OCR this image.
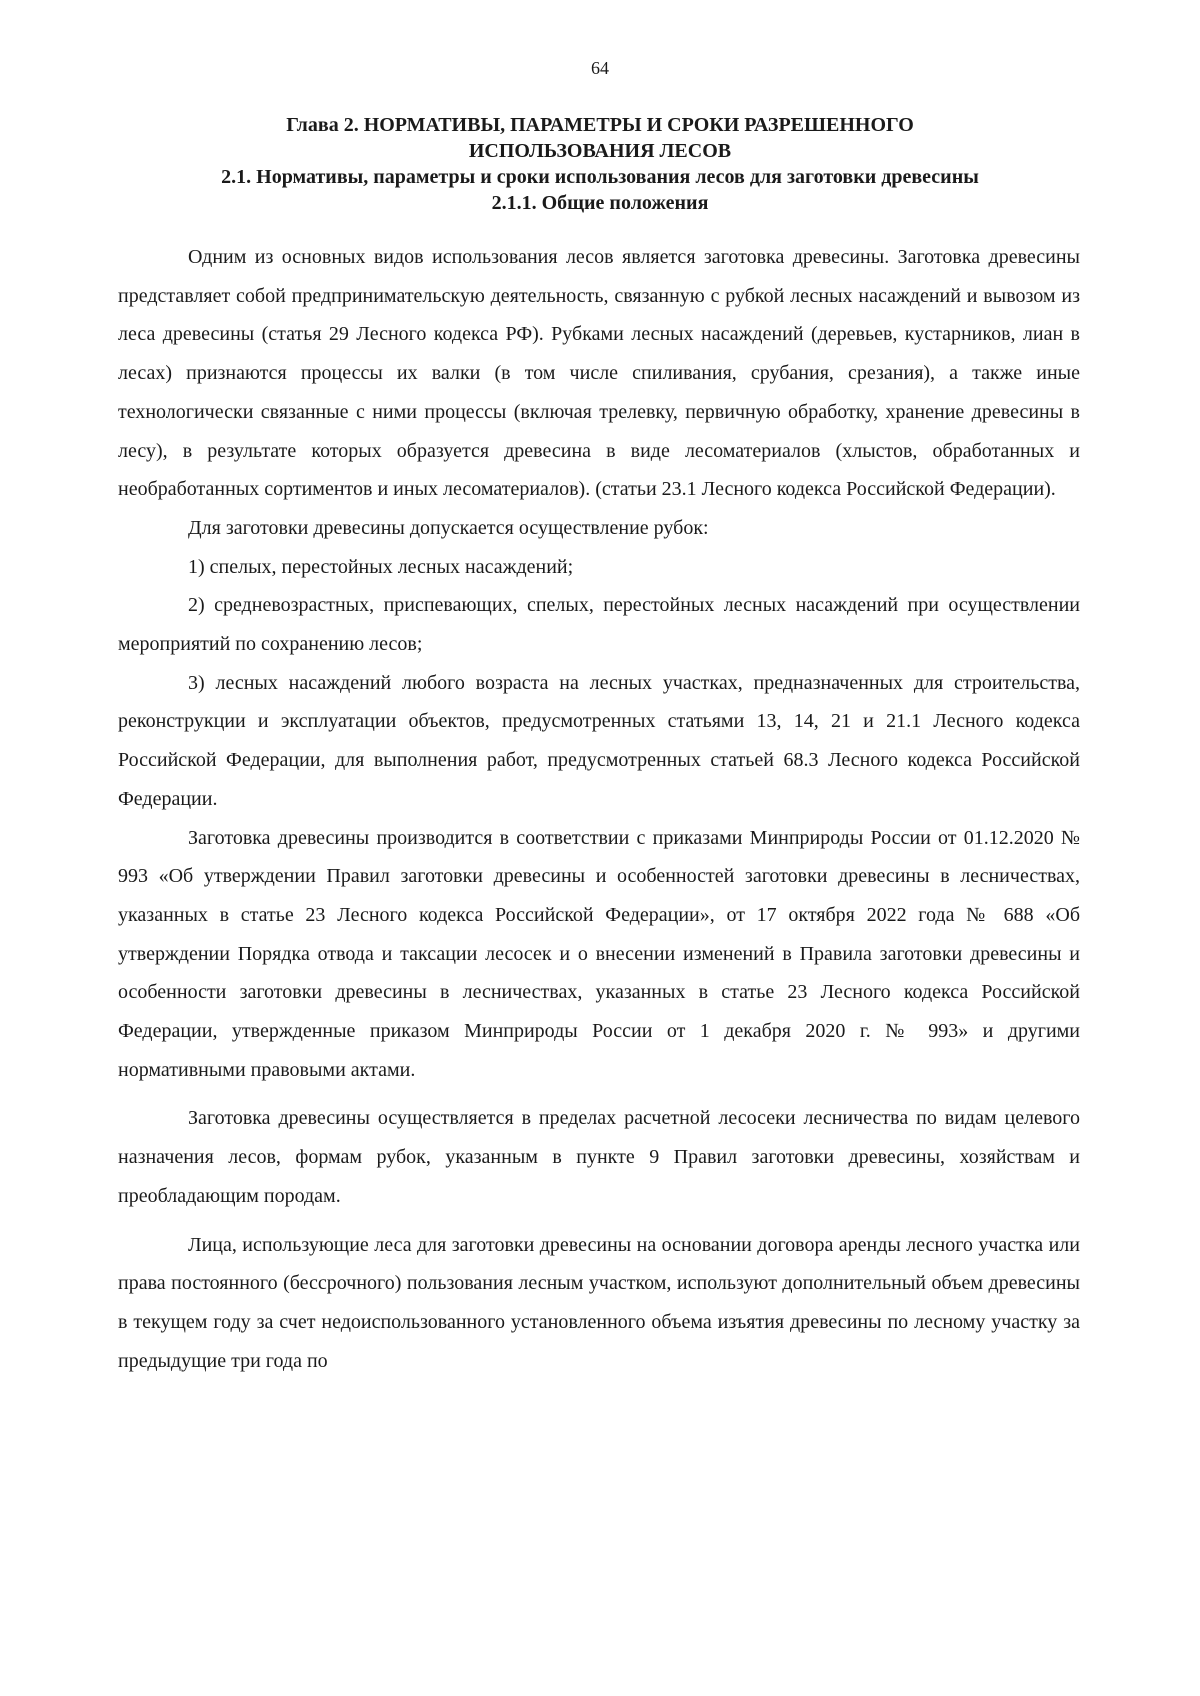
64
Глава 2. НОРМАТИВЫ, ПАРАМЕТРЫ И СРОКИ РАЗРЕШЕННОГО
ИСПОЛЬЗОВАНИЯ ЛЕСОВ
2.1. Нормативы, параметры и сроки использования лесов для заготовки древесины
2.1.1. Общие положения

Одним из основных видов использования лесов является заготовка древесины. Заготовка древесины представляет собой предпринимательскую деятельность, связанную с рубкой лесных насаждений и вывозом из леса древесины (статья 29 Лесного кодекса РФ). Рубками лесных насаждений (деревьев, кустарников, лиан в лесах) признаются процессы их валки (в том числе спиливания, срубания, срезания), а также иные технологически связанные с ними процессы (включая трелевку, первичную обработку, хранение древесины в лесу), в результате которых образуется древесина в виде лесоматериалов (хлыстов, обработанных и необработанных сортиментов и иных лесоматериалов). (статьи 23.1 Лесного кодекса Российской Федерации).

Для заготовки древесины допускается осуществление рубок:

1) спелых, перестойных лесных насаждений;

2) средневозрастных, приспевающих, спелых, перестойных лесных насаждений при осуществлении мероприятий по сохранению лесов;

3) лесных насаждений любого возраста на лесных участках, предназначенных для строительства, реконструкции и эксплуатации объектов, предусмотренных статьями 13, 14, 21 и 21.1 Лесного кодекса Российской Федерации, для выполнения работ, предусмотренных статьей 68.3 Лесного кодекса Российской Федерации.

Заготовка древесины производится в соответствии с приказами Минприроды России от 01.12.2020 № 993 «Об утверждении Правил заготовки древесины и особенностей заготовки древесины в лесничествах, указанных в статье 23 Лесного кодекса Российской Федерации», от 17 октября 2022 года № 688 «Об утверждении Порядка отвода и таксации лесосек и о внесении изменений в Правила заготовки древесины и особенности заготовки древесины в лесничествах, указанных в статье 23 Лесного кодекса Российской Федерации, утвержденные приказом Минприроды России от 1 декабря 2020 г. № 993» и другими нормативными правовыми актами.

Заготовка древесины осуществляется в пределах расчетной лесосеки лесничества по видам целевого назначения лесов, формам рубок, указанным в пункте 9 Правил заготовки древесины, хозяйствам и преобладающим породам.

Лица, использующие леса для заготовки древесины на основании договора аренды лесного участка или права постоянного (бессрочного) пользования лесным участком, используют дополнительный объем древесины в текущем году за счет недоиспользованного установленного объема изъятия древесины по лесному участку за предыдущие три года по
